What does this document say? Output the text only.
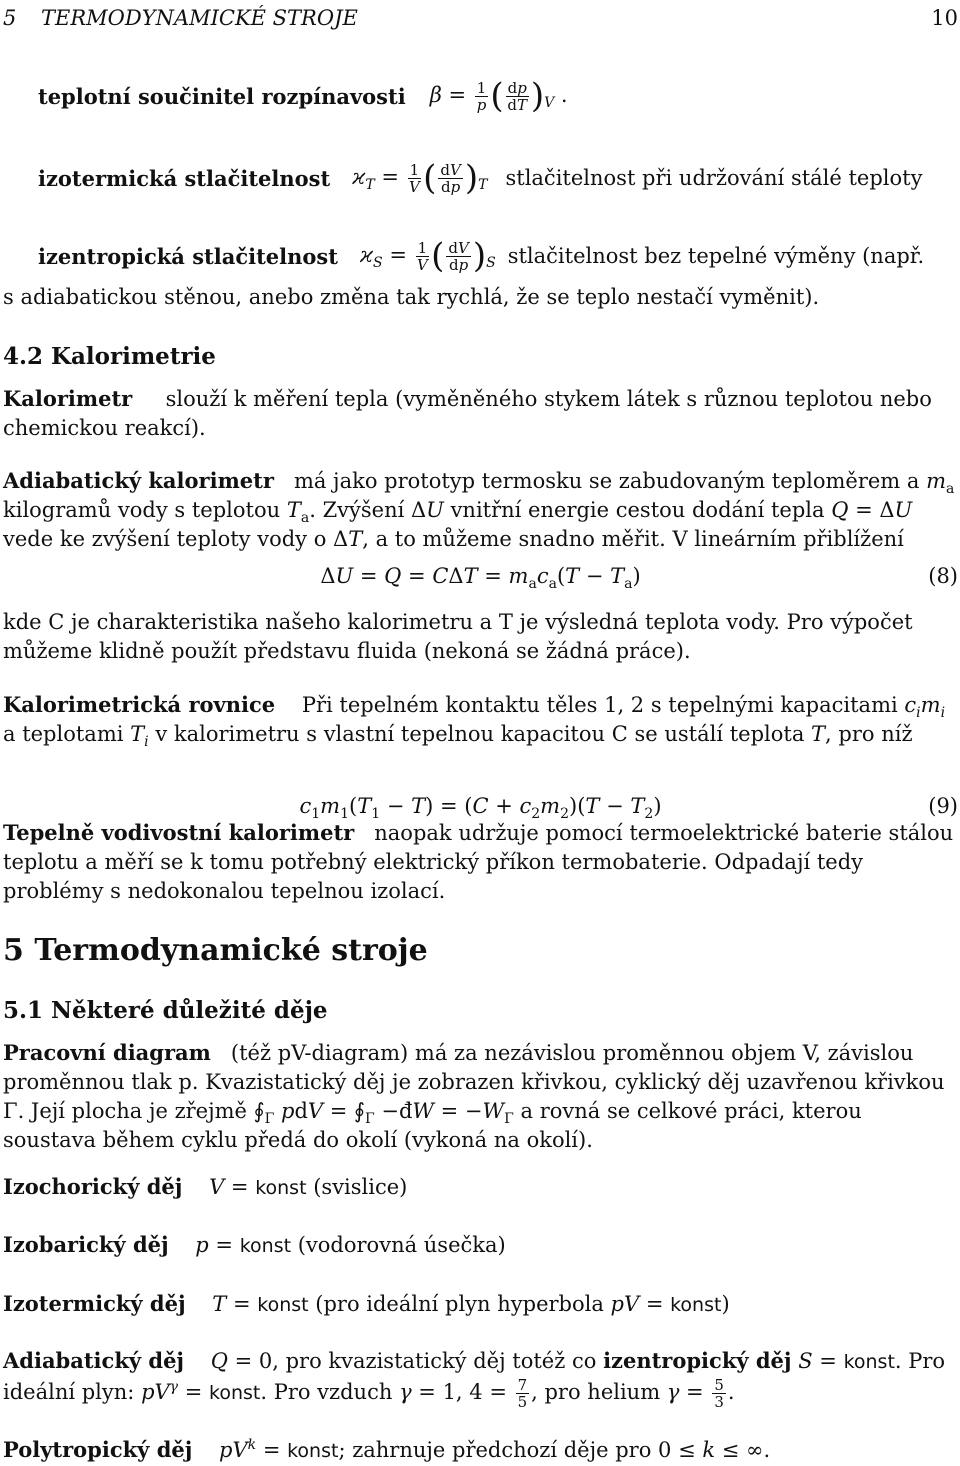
5 TERMODYNAMICKÉ STROJE	10
teplotní součinitel rozpínavosti $\beta = \frac{1}{p}$ ( $\frac{dp}{dT} )_V$ .
izotermická stlačitelnost $ϰ_T = \frac{1}{V}$ ( $\frac{dV}{dp} )_T$ stlačitelnost při udržování stálé teploty
izentropická stlačitelnost $ϰ_S = \frac{1}{V}$ ( $\frac{dV}{dp} )_S$ stlačitelnost bez tepelné výměny (např.

s adiabatickou stěnou, anebo změna tak rychlá, že se teplo nestačí vyměnit).

4.2 Kalorimetrie

Kalorimetr slouží k měření tepla (vyměněného stykem látek s různou teplotou nebo chemickou reakcí).

Adiabatický kalorimetr má jako prototyp termosku se zabudovaným teploměrem a $m_a$ kilogramů vody s teplotou $T_a$. Zvýšení ΔU vnitřní energie cestou dodání tepla Q = ΔU vede ke zvýšení teploty vody o ΔT, a to můžeme snadno měřit. V lineárním přiblížení

$\Delta U = Q = C\Delta T = m_ac_a(T - T_a)$	(8)

kde C je charakteristika našeho kalorimetru a T je výsledná teplota vody. Pro výpočet můžeme klidně použít představu fluida (nekoná se žádná práce).

Kalorimetrická rovnice Při tepelném kontaktu těles 1, 2 s tepelnými kapacitami $c_im_i$ a teplotami $T_i$ v kalorimetru s vlastní tepelnou kapacitou C se ustálí teplota T, pro níž

$c_1m_1(T_1 - T) = (C + c_2m_2)(T - T_2)$	(9)

Tepelně vodivostní kalorimetr naopak udržuje pomocí termoelektrické baterie stálou teplotu a měří se k tomu potřebný elektrický příkon termobaterie. Odpadají tedy problémy s nedokonalou tepelnou izolací.

5 Termodynamické stroje
5.1 Některé důležité děje

Pracovní diagram (též pV-diagram) má za nezávislou proměnnou objem V, závislou proměnnou tlak p. Kvazistatický děj je zobrazen křivkou, cyklický děj uzavřenou křivkou Γ. Její plocha je zřejmě $∮_\Gamma$ pdV = $∮_\Gamma$ −đW = $-W_\Gamma$ a rovná se celkové práci, kterou soustava během cyklu předá do okolí (vykoná na okolí).

Izochorický děj V = konst (svislice)

Izobarický děj p = konst (vodorovná úsečka)

Izotermický děj T = konst (pro ideální plyn hyperbola pV = konst)

Adiabatický děj Q = 0, pro kvazistatický děj totéž co izentropický děj S = konst. Pro ideální plyn: $pV^\gamma$ = konst. Pro vzduch γ = 1, $4 = \frac{7}{5}$ , pro helium $\gamma = \frac{5}{3}$ .

Polytropický děj $pV^k$ = konst; zahrnuje předchozí děje pro 0 ≤ k ≤ ∞.
